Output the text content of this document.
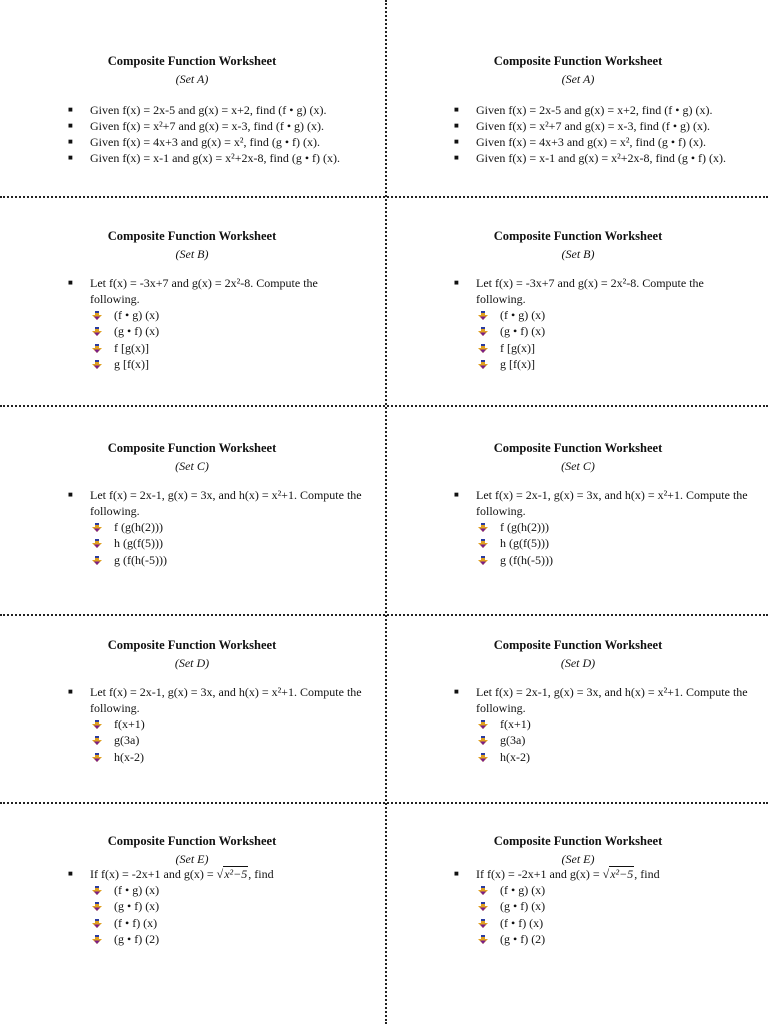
Composite Function Worksheet
(Set A)
■ Given f(x) = 2x-5 and g(x) = x+2, find (f • g) (x).
■ Given f(x) = x²+7 and g(x) = x-3, find (f • g) (x).
■ Given f(x) = 4x+3 and g(x) = x², find (g • f) (x).
■ Given f(x) = x-1 and g(x) = x²+2x-8, find (g • f) (x).
Composite Function Worksheet
(Set A)
■ Given f(x) = 2x-5 and g(x) = x+2, find (f • g) (x).
■ Given f(x) = x²+7 and g(x) = x-3, find (f • g) (x).
■ Given f(x) = 4x+3 and g(x) = x², find (g • f) (x).
■ Given f(x) = x-1 and g(x) = x²+2x-8, find (g • f) (x).
Composite Function Worksheet
(Set B)
■ Let f(x) = -3x+7 and g(x) = 2x²-8. Compute the following.
(f • g) (x)
(g • f) (x)
f [g(x)]
g [f(x)]
Composite Function Worksheet
(Set B)
■ Let f(x) = -3x+7 and g(x) = 2x²-8. Compute the following.
(f • g) (x)
(g • f) (x)
f [g(x)]
g [f(x)]
Composite Function Worksheet
(Set C)
■ Let f(x) = 2x-1, g(x) = 3x, and h(x) = x²+1. Compute the following.
f (g(h(2)))
h (g(f(5)))
g (f(h(-5)))
Composite Function Worksheet
(Set C)
■ Let f(x) = 2x-1, g(x) = 3x, and h(x) = x²+1. Compute the following.
f (g(h(2)))
h (g(f(5)))
g (f(h(-5)))
Composite Function Worksheet
(Set D)
■ Let f(x) = 2x-1, g(x) = 3x, and h(x) = x²+1. Compute the following.
f(x+1)
g(3a)
h(x-2)
Composite Function Worksheet
(Set D)
■ Let f(x) = 2x-1, g(x) = 3x, and h(x) = x²+1. Compute the following.
f(x+1)
g(3a)
h(x-2)
Composite Function Worksheet
(Set E)
■ If f(x) = -2x+1 and g(x) = √x²−5, find
(f • g) (x)
(g • f) (x)
(f • f) (x)
(g • f) (2)
Composite Function Worksheet
(Set E)
■ If f(x) = -2x+1 and g(x) = √x²−5, find
(f • g) (x)
(g • f) (x)
(f • f) (x)
(g • f) (2)
